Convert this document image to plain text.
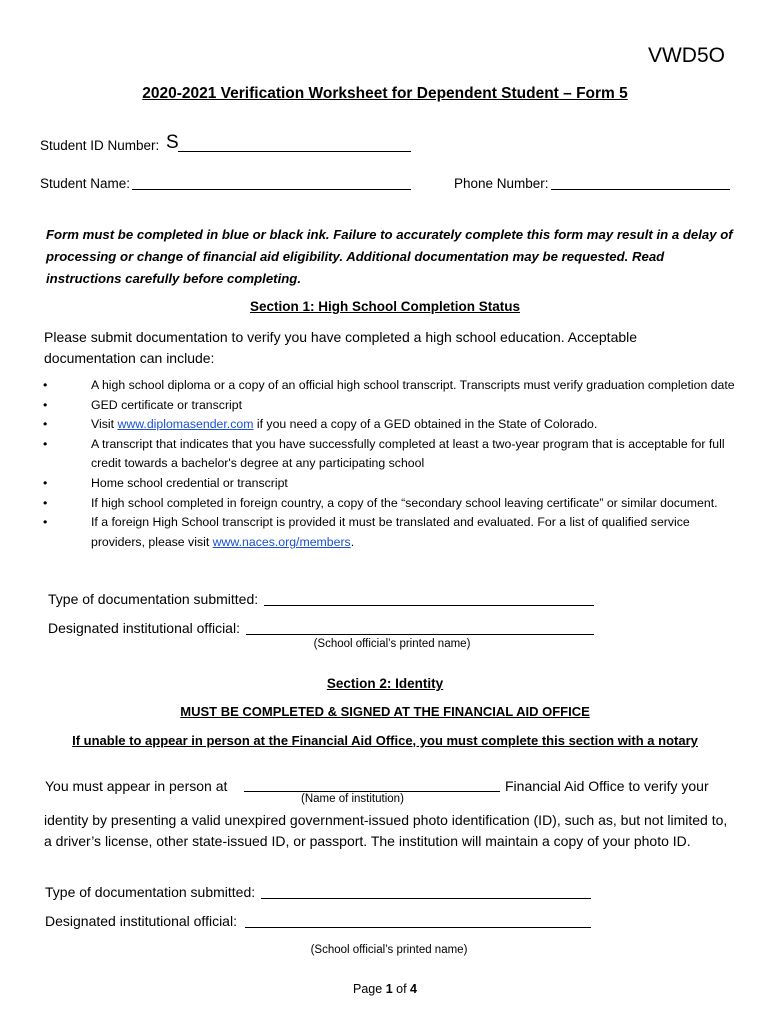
VWD5O
2020-2021 Verification Worksheet for Dependent Student – Form 5
Student ID Number: S
Student Name:	Phone Number:
Form must be completed in blue or black ink. Failure to accurately complete this form may result in a delay of processing or change of financial aid eligibility. Additional documentation may be requested. Read instructions carefully before completing.
Section 1: High School Completion Status
Please submit documentation to verify you have completed a high school education. Acceptable documentation can include:
•	A high school diploma or a copy of an official high school transcript. Transcripts must verify graduation completion date
•	GED certificate or transcript
•	Visit www.diplomasender.com if you need a copy of a GED obtained in the State of Colorado.
•	A transcript that indicates that you have successfully completed at least a two-year program that is acceptable for full credit towards a bachelor's degree at any participating school
•	Home school credential or transcript
•	If high school completed in foreign country, a copy of the “secondary school leaving certificate” or similar document.
•	If a foreign High School transcript is provided it must be translated and evaluated. For a list of qualified service providers, please visit www.naces.org/members.
Type of documentation submitted:
Designated institutional official:
(School official’s printed name)
Section 2: Identity
MUST BE COMPLETED & SIGNED AT THE FINANCIAL AID OFFICE
If unable to appear in person at the Financial Aid Office, you must complete this section with a notary
You must appear in person at	Financial Aid Office to verify your
(Name of institution)
identity by presenting a valid unexpired government-issued photo identification (ID), such as, but not limited to, a driver’s license, other state-issued ID, or passport. The institution will maintain a copy of your photo ID.
Type of documentation submitted:
Designated institutional official:
(School official’s printed name)
Page 1 of 4
